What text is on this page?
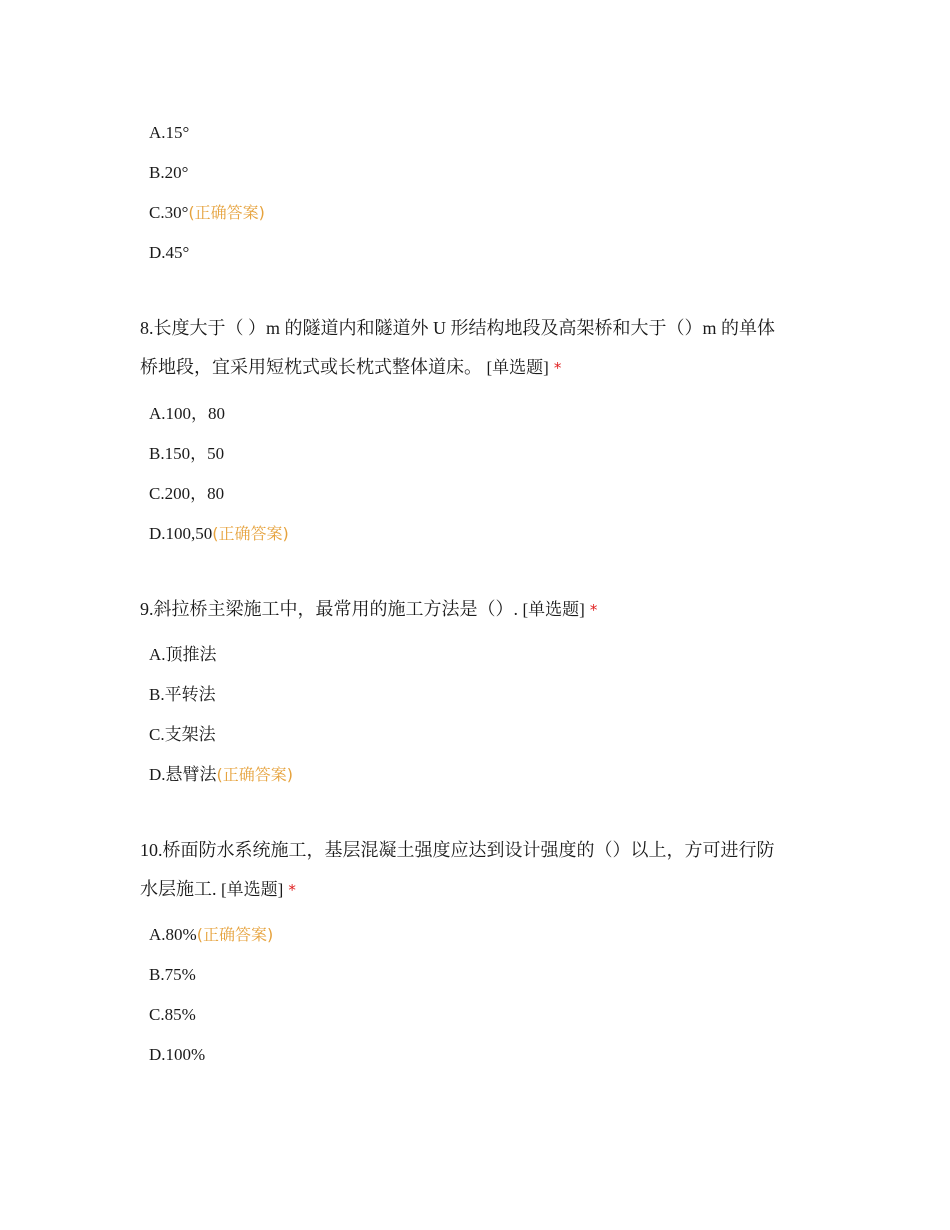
A.15°
B.20°
C.30°(正确答案)
D.45°
8.长度大于（ ）m 的隧道内和隧道外 U 形结构地段及高架桥和大于（）m 的单体
桥地段，宜采用短枕式或长枕式整体道床。 [单选题] *
A.100，80
B.150，50
C.200，80
D.100,50(正确答案)
9.斜拉桥主梁施工中，最常用的施工方法是（）. [单选题] *
A.顶推法
B.平转法
C.支架法
D.悬臂法(正确答案)
10.桥面防水系统施工，基层混凝土强度应达到设计强度的（）以上，方可进行防
水层施工. [单选题] *
A.80%(正确答案)
B.75%
C.85%
D.100%
